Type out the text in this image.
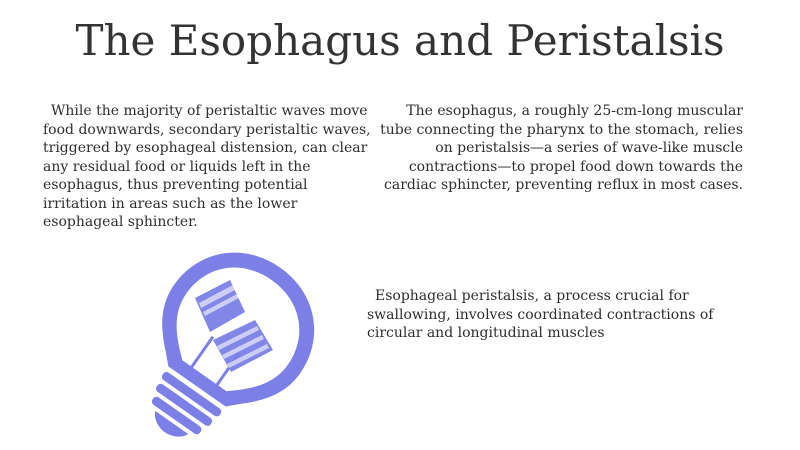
The Esophagus and Peristalsis

While the majority of peristaltic waves move food downwards, secondary peristaltic waves, triggered by esophageal distension, can clear any residual food or liquids left in the esophagus, thus preventing potential irritation in areas such as the lower esophageal sphincter.

The esophagus, a roughly 25-cm-long muscular tube connecting the pharynx to the stomach, relies on peristalsis—a series of wave-like muscle contractions—to propel food down towards the cardiac sphincter, preventing reflux in most cases.

Esophageal peristalsis, a process crucial for swallowing, involves coordinated contractions of circular and longitudinal muscles
